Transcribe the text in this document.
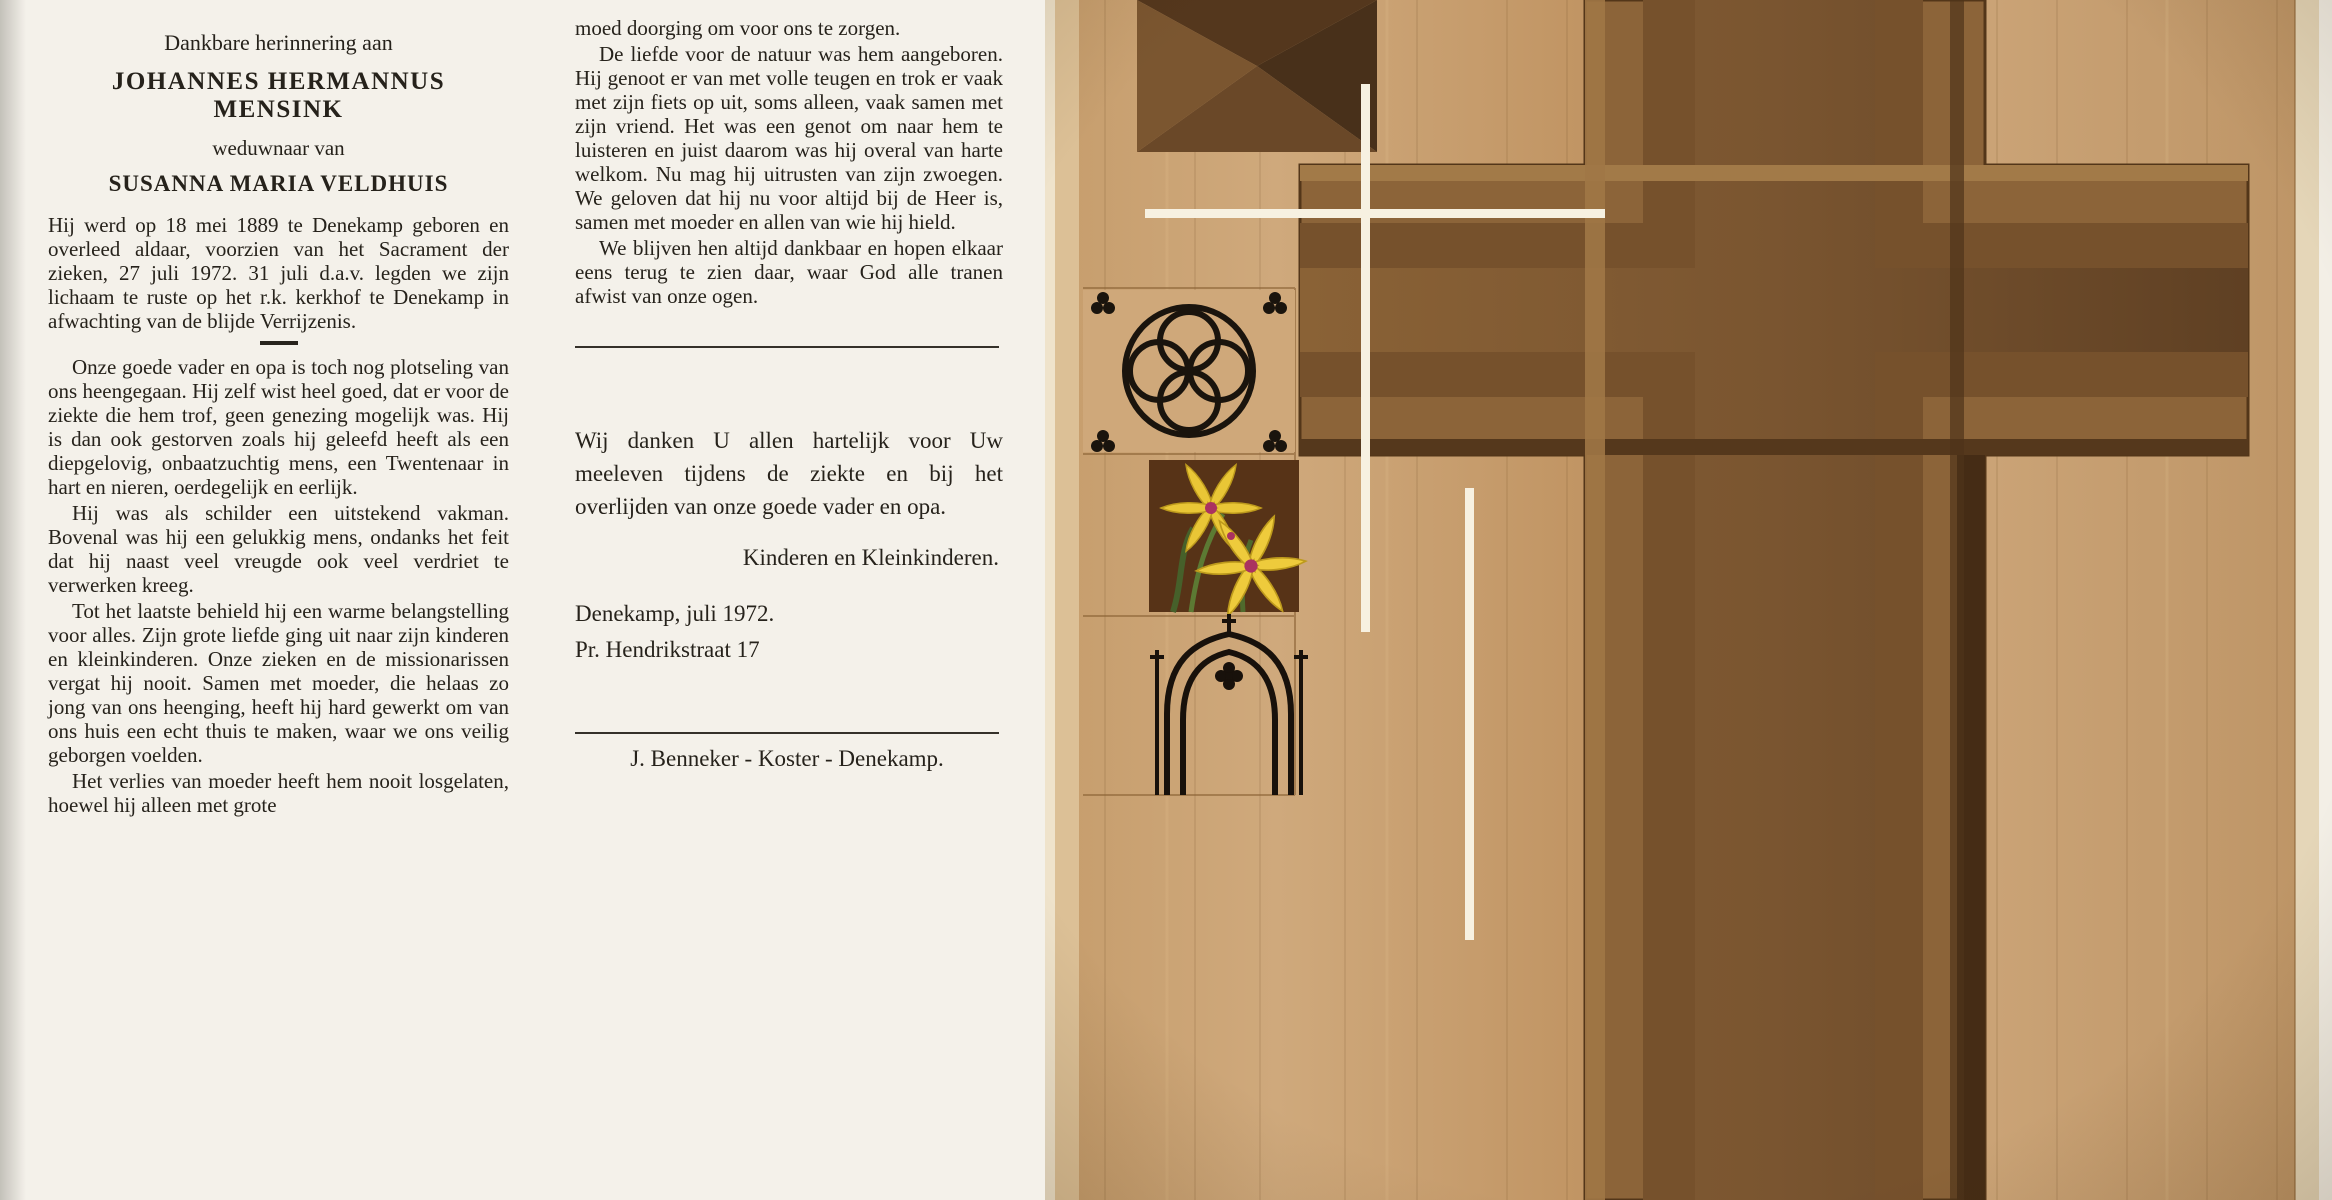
Dankbare herinnering aan

JOHANNES HERMANNUS MENSINK

weduwnaar van

SUSANNA MARIA VELDHUIS

Hij werd op 18 mei 1889 te Denekamp geboren en overleed aldaar, voorzien van het Sacrament der zieken, 27 juli 1972. 31 juli d.a.v. legden we zijn lichaam te ruste op het r.k. kerkhof te Denekamp in afwachting van de blijde Verrijzenis.

Onze goede vader en opa is toch nog plotseling van ons heengegaan. Hij zelf wist heel goed, dat er voor de ziekte die hem trof, geen genezing mogelijk was. Hij is dan ook gestorven zoals hij geleefd heeft als een diepgelovig, onbaatzuchtig mens, een Twentenaar in hart en nieren, oerdegelijk en eerlijk.

Hij was als schilder een uitstekend vakman. Bovenal was hij een gelukkig mens, ondanks het feit dat hij naast veel vreugde ook veel verdriet te verwerken kreeg.

Tot het laatste behield hij een warme belangstelling voor alles. Zijn grote liefde ging uit naar zijn kinderen en kleinkinderen. Onze zieken en de missionarissen vergat hij nooit. Samen met moeder, die helaas zo jong van ons heenging, heeft hij hard gewerkt om van ons huis een echt thuis te maken, waar we ons veilig geborgen voelden.

Het verlies van moeder heeft hem nooit losgelaten, hoewel hij alleen met grote

moed doorging om voor ons te zorgen.

De liefde voor de natuur was hem aangeboren. Hij genoot er van met volle teugen en trok er vaak met zijn fiets op uit, soms alleen, vaak samen met zijn vriend. Het was een genot om naar hem te luisteren en juist daarom was hij overal van harte welkom. Nu mag hij uitrusten van zijn zwoegen. We geloven dat hij nu voor altijd bij de Heer is, samen met moeder en allen van wie hij hield.

We blijven hen altijd dankbaar en hopen elkaar eens terug te zien daar, waar God alle tranen afwist van onze ogen.

Wij danken U allen hartelijk voor Uw meeleven tijdens de ziekte en bij het overlijden van onze goede vader en opa.

Kinderen en Kleinkinderen.

Denekamp, juli 1972.

Pr. Hendrikstraat 17

J. Benneker - Koster - Denekamp.
